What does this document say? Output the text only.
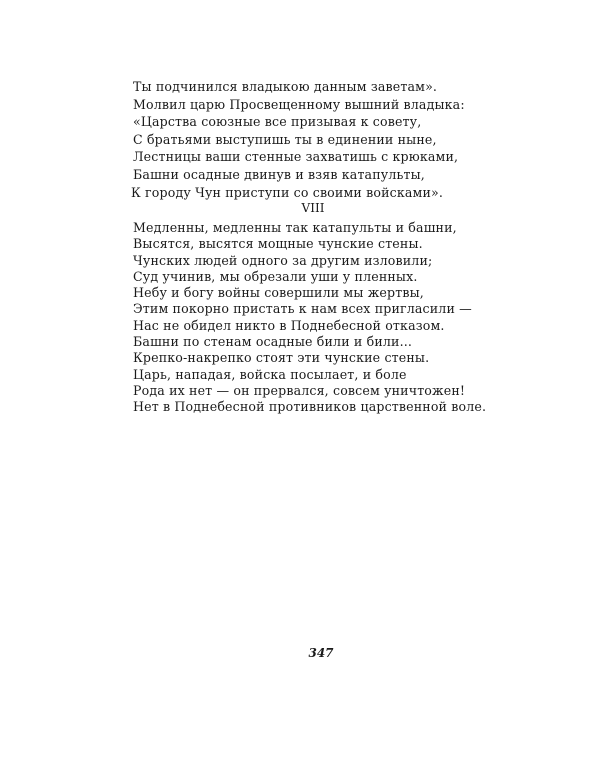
Ты подчинился владыкою данным заветам».
Молвил царю Просвещенному вышний владыка:
«Царства союзные все призывая к совету,
С братьями выступишь ты в единении ныне,
Лестницы ваши стенные захватишь с крюками,
Башни осадные двинув и взяв катапульты,
К городу Чун приступи со своими войсками».
VIII
Медленны, медленны так катапульты и башни,
Высятся, высятся мощные чунские стены.
Чунских людей одного за другим изловили;
Суд учинив, мы обрезали уши у пленных.
Небу и богу войны совершили мы жертвы,
Этим покорно пристать к нам всех пригласили —
Нас не обидел никто в Поднебесной отказом.
Башни по стенам осадные били и били...
Крепко-накрепко стоят эти чунские стены.
Царь, нападая, войска посылает, и боле
Рода их нет — он прервался, совсем уничтожен!
Нет в Поднебесной противников царственной воле.
347
